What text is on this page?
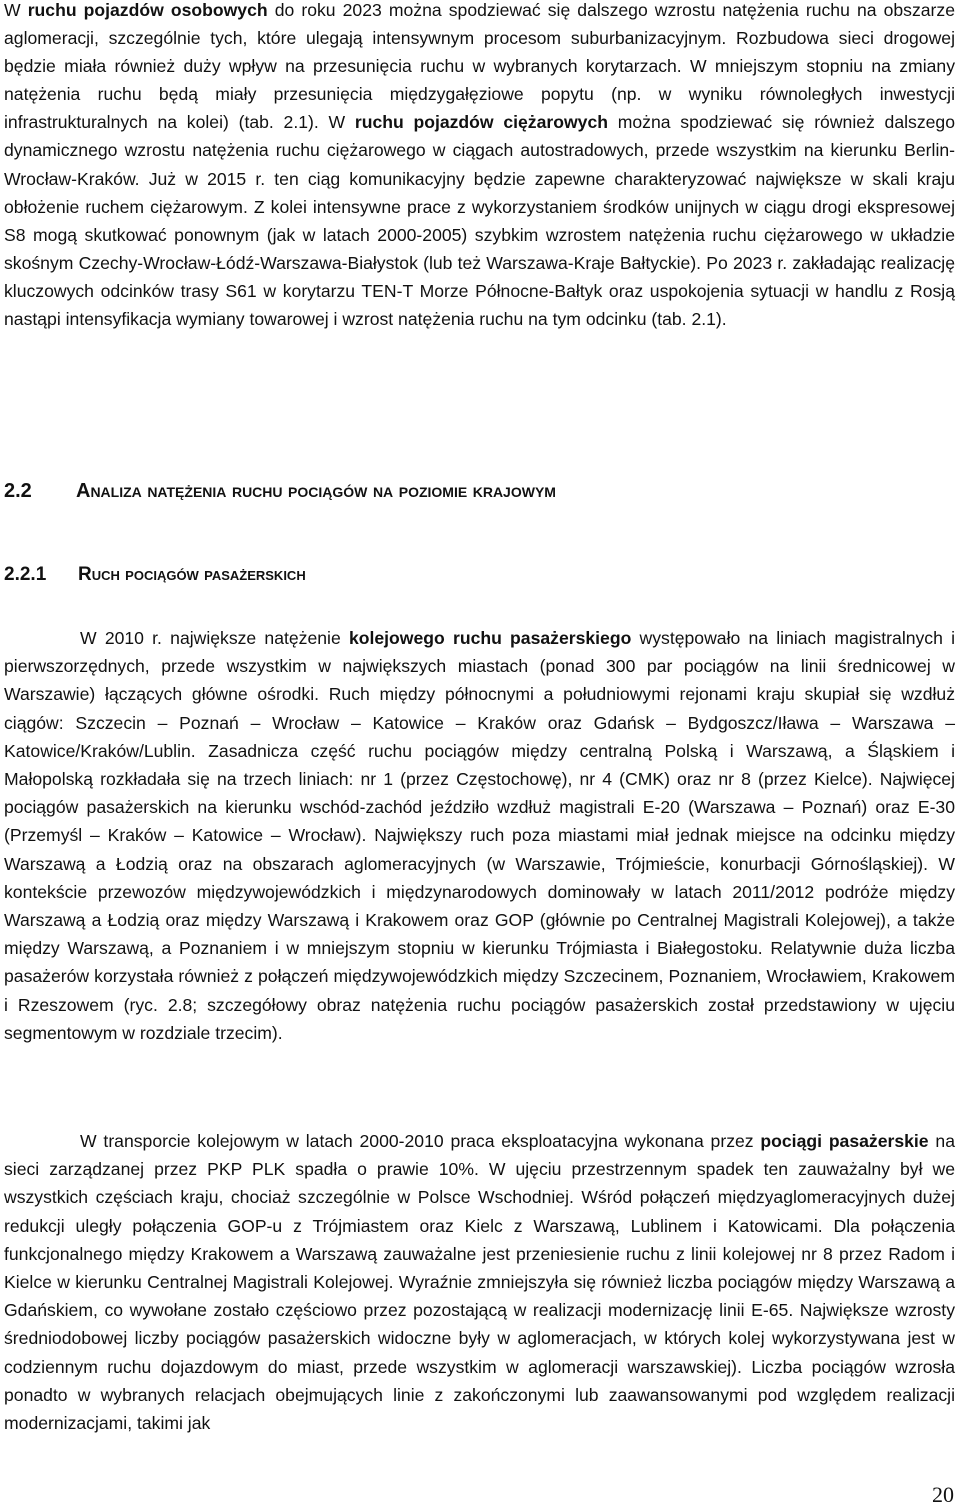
W ruchu pojazdów osobowych do roku 2023 można spodziewać się dalszego wzrostu natężenia ruchu na obszarze aglomeracji, szczególnie tych, które ulegają intensywnym procesom suburbanizacyjnym. Rozbudowa sieci drogowej będzie miała również duży wpływ na przesunięcia ruchu w wybranych korytarzach. W mniejszym stopniu na zmiany natężenia ruchu będą miały przesunięcia międzygałęziowe popytu (np. w wyniku równoległych inwestycji infrastrukturalnych na kolei) (tab. 2.1). W ruchu pojazdów ciężarowych można spodziewać się również dalszego dynamicznego wzrostu natężenia ruchu ciężarowego w ciągach autostradowych, przede wszystkim na kierunku Berlin-Wrocław-Kraków. Już w 2015 r. ten ciąg komunikacyjny będzie zapewne charakteryzować największe w skali kraju obłożenie ruchem ciężarowym. Z kolei intensywne prace z wykorzystaniem środków unijnych w ciągu drogi ekspresowej S8 mogą skutkować ponownym (jak w latach 2000-2005) szybkim wzrostem natężenia ruchu ciężarowego w układzie skośnym Czechy-Wrocław-Łódź-Warszawa-Białystok (lub też Warszawa-Kraje Bałtyckie). Po 2023 r. zakładając realizację kluczowych odcinków trasy S61 w korytarzu TEN-T Morze Północne-Bałtyk oraz uspokojenia sytuacji w handlu z Rosją nastąpi intensyfikacja wymiany towarowej i wzrost natężenia ruchu na tym odcinku (tab. 2.1).

2.2 Analiza natężenia ruchu pociągów na poziomie krajowym
2.2.1 Ruch pociągów pasażerskich

W 2010 r. największe natężenie kolejowego ruchu pasażerskiego występowało na liniach magistralnych i pierwszorzędnych, przede wszystkim w największych miastach (ponad 300 par pociągów na linii średnicowej w Warszawie) łączących główne ośrodki. Ruch między północnymi a południowymi rejonami kraju skupiał się wzdłuż ciągów: Szczecin – Poznań – Wrocław – Katowice – Kraków oraz Gdańsk – Bydgoszcz/Iława – Warszawa – Katowice/Kraków/Lublin. Zasadnicza część ruchu pociągów między centralną Polską i Warszawą, a Śląskiem i Małopolską rozkładała się na trzech liniach: nr 1 (przez Częstochowę), nr 4 (CMK) oraz nr 8 (przez Kielce). Najwięcej pociągów pasażerskich na kierunku wschód-zachód jeździło wzdłuż magistrali E-20 (Warszawa – Poznań) oraz E-30 (Przemyśl – Kraków – Katowice – Wrocław). Największy ruch poza miastami miał jednak miejsce na odcinku między Warszawą a Łodzią oraz na obszarach aglomeracyjnych (w Warszawie, Trójmieście, konurbacji Górnośląskiej). W kontekście przewozów międzywojewódzkich i międzynarodowych dominowały w latach 2011/2012 podróże między Warszawą a Łodzią oraz między Warszawą i Krakowem oraz GOP (głównie po Centralnej Magistrali Kolejowej), a także między Warszawą, a Poznaniem i w mniejszym stopniu w kierunku Trójmiasta i Białegostoku. Relatywnie duża liczba pasażerów korzystała również z połączeń międzywojewódzkich między Szczecinem, Poznaniem, Wrocławiem, Krakowem i Rzeszowem (ryc. 2.8; szczegółowy obraz natężenia ruchu pociągów pasażerskich został przedstawiony w ujęciu segmentowym w rozdziale trzecim).

W transporcie kolejowym w latach 2000-2010 praca eksploatacyjna wykonana przez pociągi pasażerskie na sieci zarządzanej przez PKP PLK spadła o prawie 10%. W ujęciu przestrzennym spadek ten zauważalny był we wszystkich częściach kraju, chociaż szczególnie w Polsce Wschodniej. Wśród połączeń międzyaglomeracyjnych dużej redukcji uległy połączenia GOP-u z Trójmiastem oraz Kielc z Warszawą, Lublinem i Katowicami. Dla połączenia funkcjonalnego między Krakowem a Warszawą zauważalne jest przeniesienie ruchu z linii kolejowej nr 8 przez Radom i Kielce w kierunku Centralnej Magistrali Kolejowej. Wyraźnie zmniejszyła się również liczba pociągów między Warszawą a Gdańskiem, co wywołane zostało częściowo przez pozostającą w realizacji modernizację linii E-65. Największe wzrosty średniodobowej liczby pociągów pasażerskich widoczne były w aglomeracjach, w których kolej wykorzystywana jest w codziennym ruchu dojazdowym do miast, przede wszystkim w aglomeracji warszawskiej). Liczba pociągów wzrosła ponadto w wybranych relacjach obejmujących linie z zakończonymi lub zaawansowanymi pod względem realizacji modernizacjami, takimi jak

20
